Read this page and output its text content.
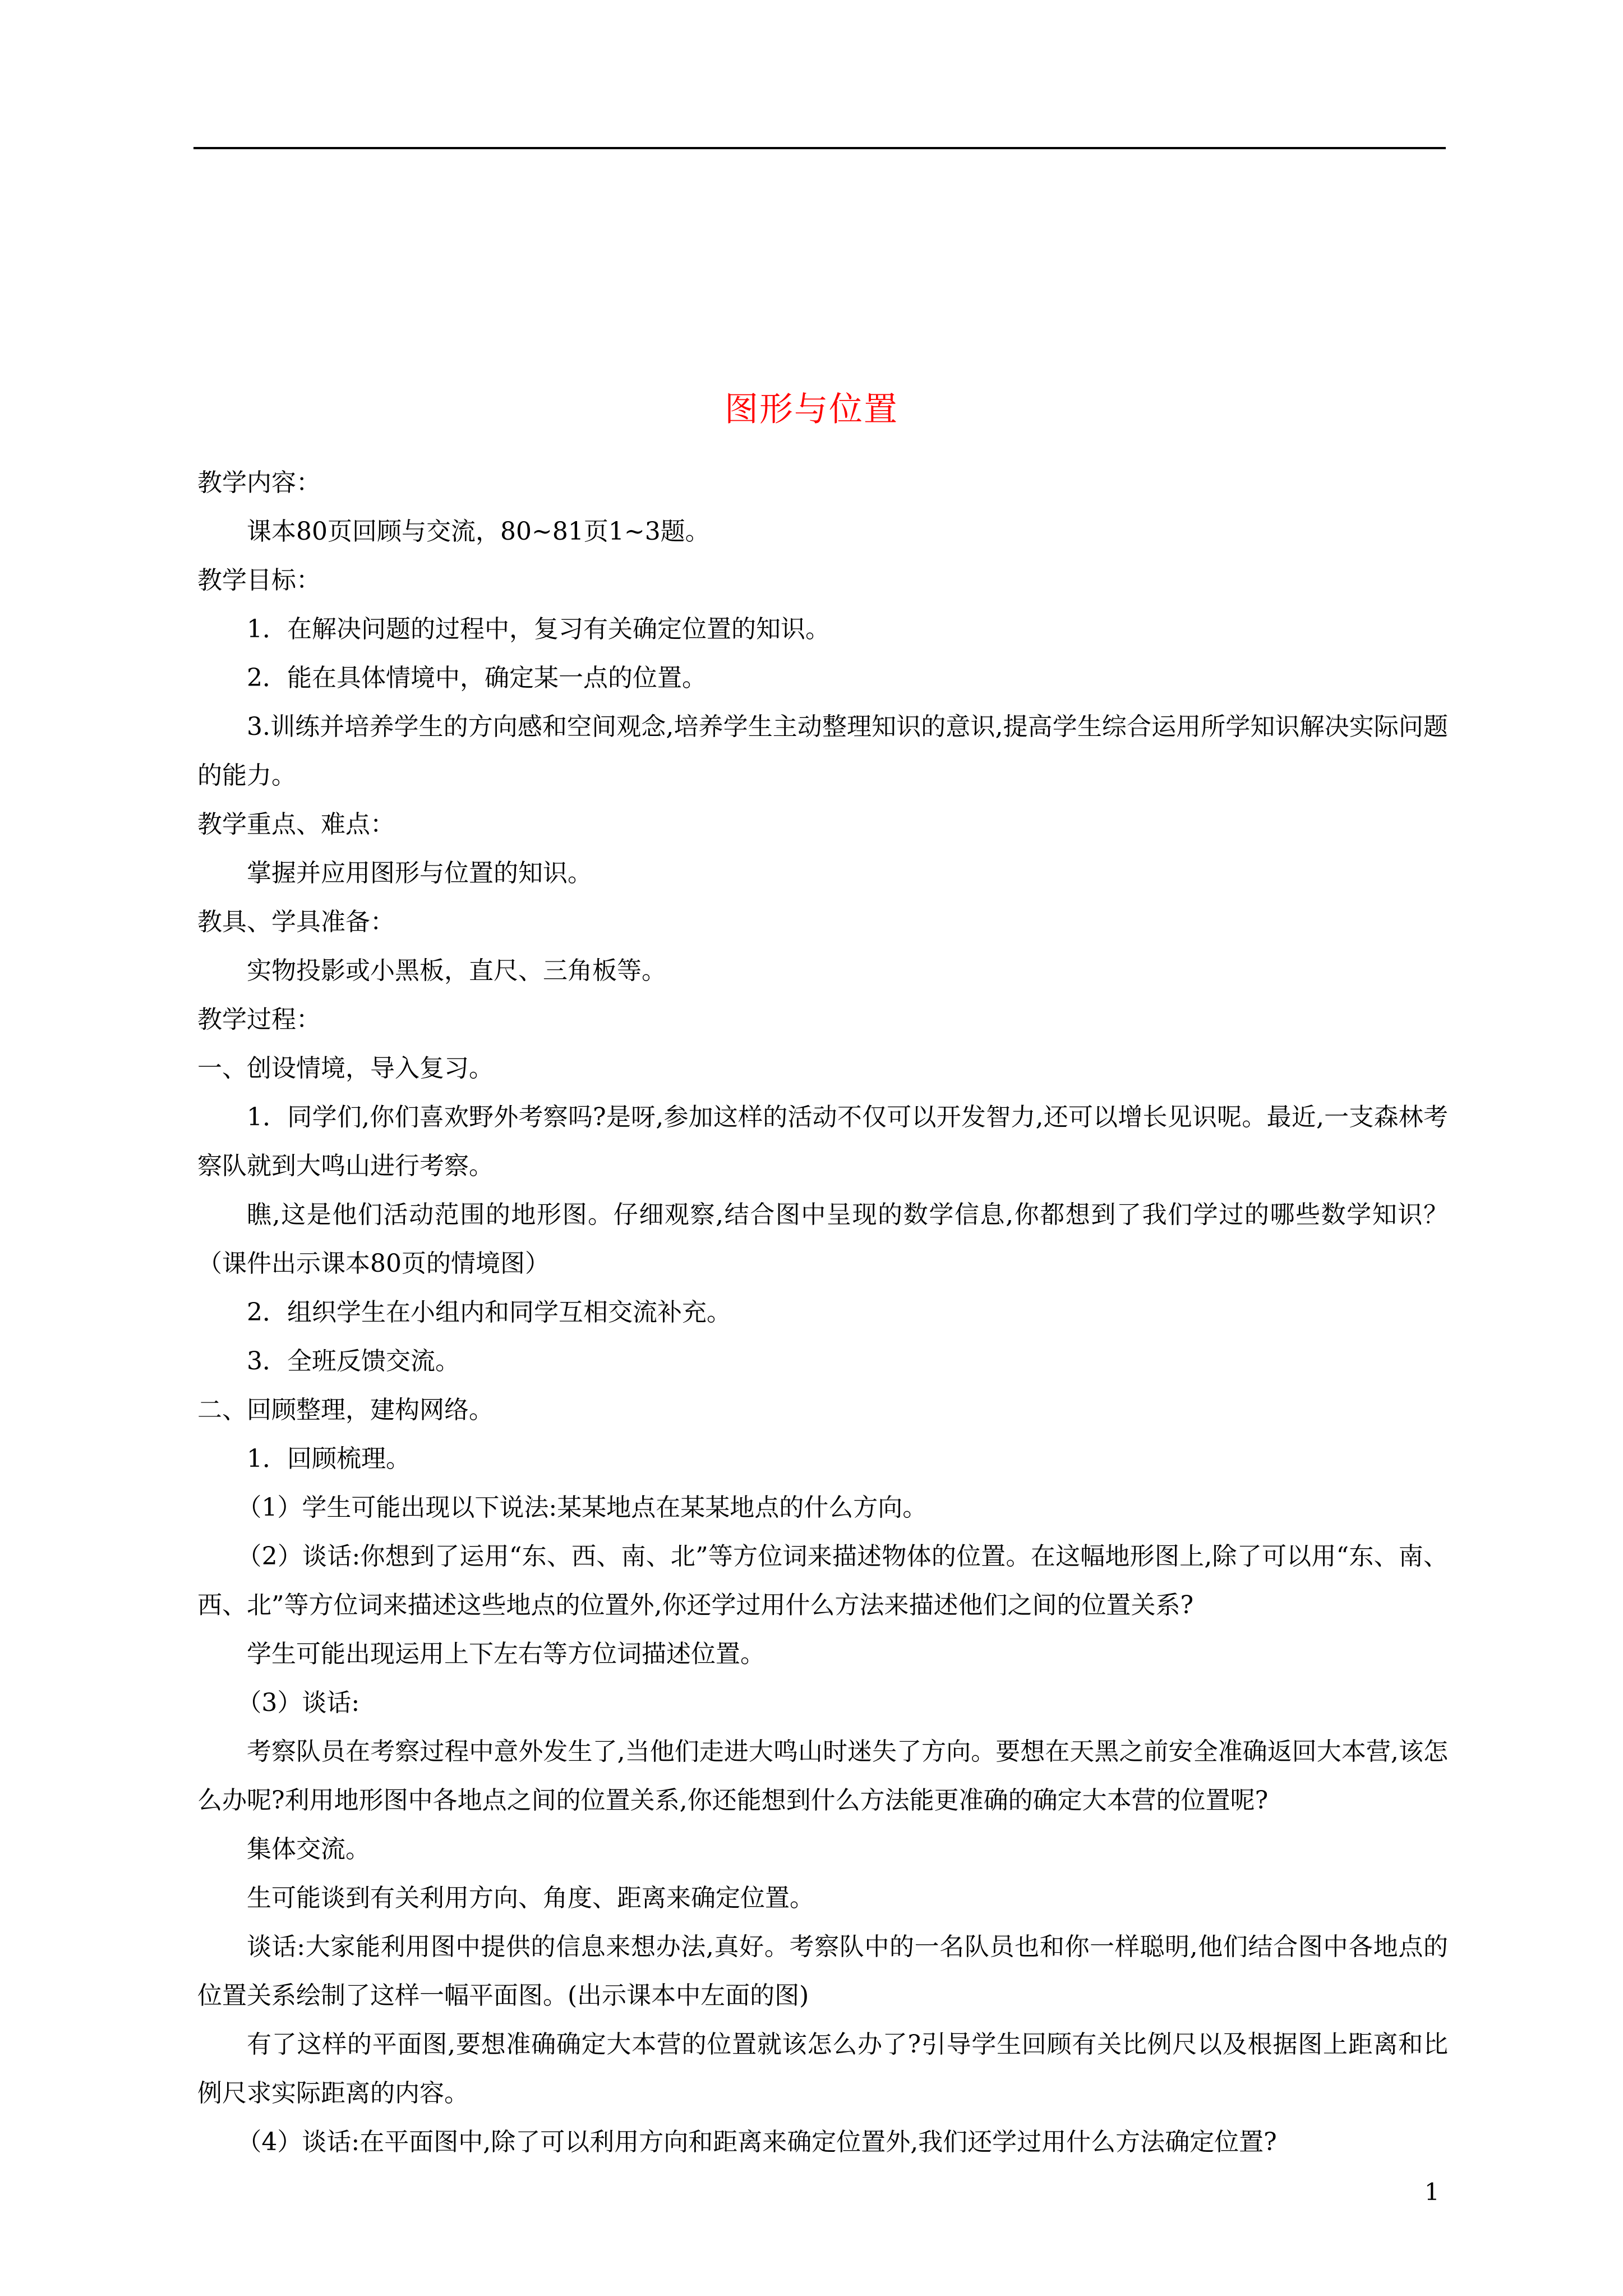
图形与位置

教学内容：

课本80页回顾与交流，80~81页1~3题。

教学目标：

1．在解决问题的过程中，复习有关确定位置的知识。

2．能在具体情境中，确定某一点的位置。

3.训练并培养学生的方向感和空间观念,培养学生主动整理知识的意识,提高学生综合运用所学知识解决实际问题的能力。

教学重点、难点：

掌握并应用图形与位置的知识。

教具、学具准备：

实物投影或小黑板，直尺、三角板等。

教学过程：

一、创设情境，导入复习。

1．同学们,你们喜欢野外考察吗?是呀,参加这样的活动不仅可以开发智力,还可以增长见识呢。最近,一支森林考察队就到大鸣山进行考察。

瞧,这是他们活动范围的地形图。仔细观察,结合图中呈现的数学信息,你都想到了我们学过的哪些数学知识？（课件出示课本80页的情境图）

2．组织学生在小组内和同学互相交流补充。

3．全班反馈交流。

二、回顾整理，建构网络。

1．回顾梳理。

（1）学生可能出现以下说法:某某地点在某某地点的什么方向。

（2）谈话:你想到了运用“东、西、南、北”等方位词来描述物体的位置。在这幅地形图上,除了可以用“东、南、西、北”等方位词来描述这些地点的位置外,你还学过用什么方法来描述他们之间的位置关系?

学生可能出现运用上下左右等方位词描述位置。

（3）谈话:

考察队员在考察过程中意外发生了,当他们走进大鸣山时迷失了方向。要想在天黑之前安全准确返回大本营,该怎么办呢?利用地形图中各地点之间的位置关系,你还能想到什么方法能更准确的确定大本营的位置呢?

集体交流。

生可能谈到有关利用方向、角度、距离来确定位置。

谈话:大家能利用图中提供的信息来想办法,真好。考察队中的一名队员也和你一样聪明,他们结合图中各地点的位置关系绘制了这样一幅平面图。(出示课本中左面的图)

有了这样的平面图,要想准确确定大本营的位置就该怎么办了?引导学生回顾有关比例尺以及根据图上距离和比例尺求实际距离的内容。

（4）谈话:在平面图中,除了可以利用方向和距离来确定位置外,我们还学过用什么方法确定位置?

1
